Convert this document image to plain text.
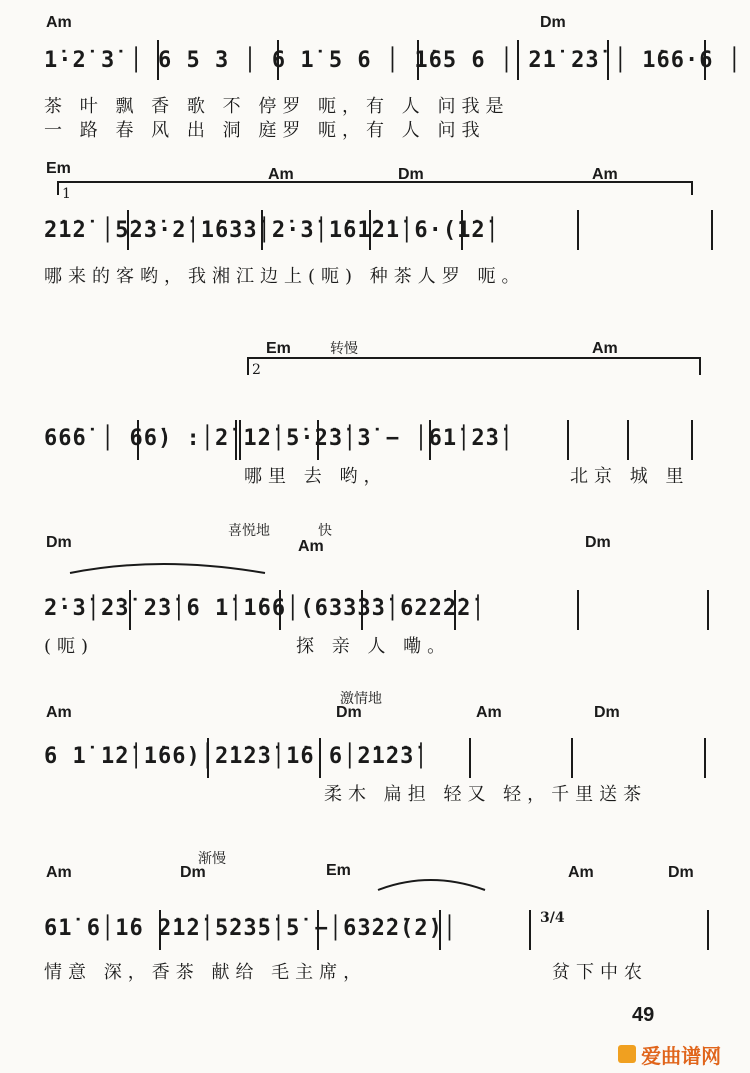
Am	Dm
1̇·2̇ 3̇ │ 6 5 3 │ 6 1̇ 5 6 │ 1̇65 6 │ 2̇1̇ 2̇3̇ │ 1̇66·6 │
茶 叶 飘 香 歌 不 停罗 呃，有 人 问我是
一 路 春 风 出 洞 庭罗 呃，有 人 问我
Em	Am	Dm	Am
1
2̇1̇2̇ │5̇2̇3̇·2̇│1̇63̇3̇│2̇·3̇│1̇61̇2̇1̇│6·(1̇2̇│
哪来的客哟，我湘江边上(呃) 种茶人罗 呃。
Em	转慢	Am
2
66̇6̇ │ 66̇) :│2̇ 1̇2̇│5̇·2̇3̇│3̇ − │61̇│2̇3̇│
哪里 去 哟，	北京 城 里
喜悦地	快
Dm	Am	Dm
2̇·3̇│2̇3̇ 2̇3̇│6 1̇│1̇66│(63̇3̇3̇3̇│62̇2̇2̇2̇│
(呃)	探 亲 人 嘞。
激情地
Am	Dm	Am	Dm
6 1̇ 1̇2̇│1̇66)│2̇1̇2̇3̇│1̇6 6│2̇1̇2̇3̇│
柔木 扁担 轻又 轻，千里送茶
渐慢
Am	Dm	Em	Am	Dm
3/4
61̇ 6│1̇6 2̇1̇2̇│5̇2̇3̇5̇│5̇ −│63̇2̇2̇(2̇)│
情意 深，香茶 献给 毛主席，	贫下中农
49
爱曲谱网
